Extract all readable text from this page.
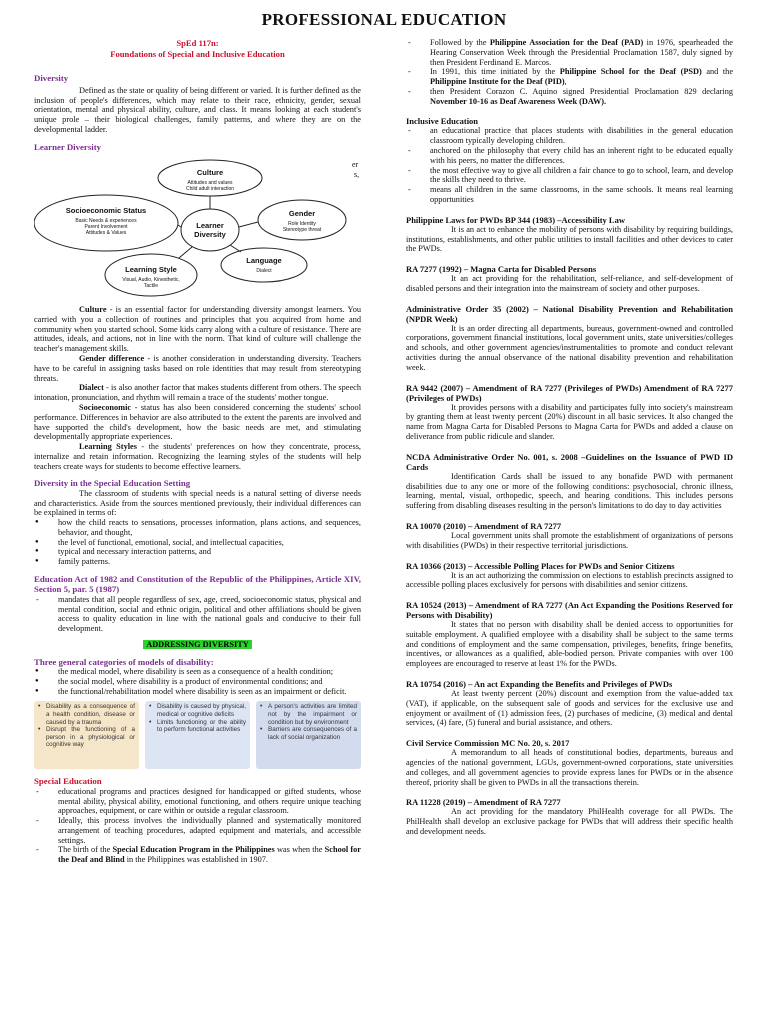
PROFESSIONAL EDUCATION
SpEd 117n:
Foundations of Special and Inclusive Education

Diversity

Defined as the state or quality of being different or varied. It is further defined as the inclusion of people's differences, which may relate to their race, ethnicity, gender, sexual orientation, mental and physical ability, culture, and class. It means looking at each student's unique prole – their biological challenges, family patterns, and where they are on the developmental ladder.

Learner Diversity

Culture
Attitudes and values Child adult interaction
Socioeconomic Status
Basic Needs & experiences Parent Involvement Attitudes & Values
Learner
Diversity
Gender
Role Identity Stereotype threat
Learning Style
Visual, Audio, Kinesthetic, Tactile
Language
Dialect
er
s,

Culture - is an essential factor for understanding diversity amongst learners. You carried with you a collection of routines and principles that you acquired from home and community when you started school. Some kids carry along with a culture of resistance. There are attitudes, ideals, and actions, not in line with the norm. That kind of culture will challenge the teacher's management skills.

Gender difference - is another consideration in understanding diversity. Teachers have to be careful in assigning tasks based on role identities that may result from stereotyping threats.

Dialect - is also another factor that makes students different from others. The speech intonation, pronunciation, and rhythm will remain a trace of the students' mother tongue.

Socioeconomic - status has also been considered concerning the students' school performance. Differences in behavior are also attributed to the extent the parents are involved and have supported the child's development, how the basic needs are met, and stimulating developmentally appropriate experiences.

Learning Styles - the students' preferences on how they concentrate, process, internalize and retain information. Recognizing the learning styles of the students will help teachers create ways for students to become effective learners.

Diversity in the Special Education Setting

The classroom of students with special needs is a natural setting of diverse needs and characteristics. Aside from the sources mentioned previously, their individual differences can be explained in terms of:

● how the child reacts to sensations, processes information, plans actions, and sequences, behavior, and thought,
● the level of functional, emotional, social, and intellectual capacities,
● typical and necessary interaction patterns, and
● family patterns.

Education Act of 1982 and Constitution of the Republic of the Philippines, Article XIV, Section 5, par. 5 (1987)

- mandates that all people regardless of sex, age, creed, socioeconomic status, physical and mental condition, social and ethnic origin, political and other affiliations should be given access to quality education in line with the national goals and conducive to their full development.
ADDRESSING DIVERSITY

Three general categories of models of disability:

● the medical model, where disability is seen as a consequence of a health condition;
● the social model, where disability is a product of environmental conditions; and
● the functional/rehabilitation model where disability is seen as an impairment or deficit.
• Disability as a consequence of a health condition, disease or caused by a trauma
• Disrupt the functioning of a person in a physiological or cognitive way
• Disability is caused by physical, medical or cognitive deficits
• Limits functioning or the ability to perform functional activities
• A person's activities are limited not by the impairment or condition but by environment
• Barriers are consequences of a lack of social organization

Special Education

- educational programs and practices designed for handicapped or gifted students, whose mental ability, physical ability, emotional functioning, and others require unique teaching approaches, equipment, or care within or outside a regular classroom.
- Ideally, this process involves the individually planned and systematically monitored arrangement of teaching procedures, adapted equipment and materials, and accessible settings.
- The birth of the Special Education Program in the Philippines was when the School for the Deaf and Blind in the Philippines was established in 1907.
- Followed by the Philippine Association for the Deaf (PAD) in 1976, spearheaded the Hearing Conservation Week through the Presidential Proclamation 1587, duly signed by then President Ferdinand E. Marcos.
- In 1991, this time initiated by the Philippine School for the Deaf (PSD) and the Philippine Institute for the Deaf (PID),
- then President Corazon C. Aquino signed Presidential Proclamation 829 declaring November 10-16 as Deaf Awareness Week (DAW).

Inclusive Education

- an educational practice that places students with disabilities in the general education classroom typically developing children.
- anchored on the philosophy that every child has an inherent right to be educated equally with his peers, no matter the differences.
- the most effective way to give all children a fair chance to go to school, learn, and develop the skills they need to thrive.
- means all children in the same classrooms, in the same schools. It means real learning opportunities

Philippine Laws for PWDs BP 344 (1983) –Accessibility Law

It is an act to enhance the mobility of persons with disability by requiring buildings, institutions, establishments, and other public utilities to install facilities and other devices to cater the PWDs.

RA 7277 (1992) – Magna Carta for Disabled Persons

It an act providing for the rehabilitation, self-reliance, and self-development of disabled persons and their integration into the mainstream of society and other purposes.

Administrative Order 35 (2002) – National Disability Prevention and Rehabilitation (NPDR Week)

It is an order directing all departments, bureaus, government-owned and controlled corporations, government financial institutions, local government units, state universities/colleges and schools, and other government agencies/instrumentalities to promote and conduct relevant activities during the annual observance of the national disability prevention and rehabilitation week.

RA 9442 (2007) – Amendment of RA 7277 (Privileges of PWDs) Amendment of RA 7277 (Privileges of PWDs)

It provides persons with a disability and participates fully into society's mainstream by granting them at least twenty percent (20%) discount in all basic services. It also changed the name from Magna Carta for Disabled Persons to Magna Carta for PWDs and added a clause on deliverance from public ridicule and slander.

NCDA Administrative Order No. 001, s. 2008 –Guidelines on the Issuance of PWD ID Cards

Identification Cards shall be issued to any bonafide PWD with permanent disabilities due to any one or more of the following conditions: psychosocial, chronic illness, learning, mental, visual, orthopedic, speech, and hearing conditions. This includes persons suffering from disabling diseases resulting in the person's limitations to do day to day activities

RA 10070 (2010) – Amendment of RA 7277

Local government units shall promote the establishment of organizations of persons with disabilities (PWDs) in their respective territorial jurisdictions.

RA 10366 (2013) – Accessible Polling Places for PWDs and Senior Citizens

It is an act authorizing the commission on elections to establish precincts assigned to accessible polling places exclusively for persons with disabilities and senior citizens.

RA 10524 (2013) – Amendment of RA 7277 (An Act Expanding the Positions Reserved for Persons with Disability)

It states that no person with disability shall be denied access to opportunities for suitable employment. A qualified employee with a disability shall be subject to the same terms and conditions of employment and the same compensation, privileges, benefits, fringe benefits, incentives, or allowances as a qualified, able-bodied person. Private companies with over 100 employees are encouraged to reserve at least 1% for the PWDs.

RA 10754 (2016) – An act Expanding the Benefits and Privileges of PWDs

At least twenty percent (20%) discount and exemption from the value-added tax (VAT), if applicable, on the subsequent sale of goods and services for the exclusive use and enjoyment or availment of (1) admission fees, (2) purchases of medicine, (3) medical and dental services, (4) fare, (5) funeral and burial assistance, and others.

Civil Service Commission MC No. 20, s. 2017

A memorandum to all heads of constitutional bodies, departments, bureaus and agencies of the national government, LGUs, government-owned corporations, state universities and colleges, and all government agencies to provide express lanes for PWDs or in the absence thereof, priority shall be given to PWDs in all the transactions therein.

RA 11228 (2019) – Amendment of RA 7277

An act providing for the mandatory PhilHealth coverage for all PWDs. The PhilHealth shall develop an exclusive package for PWDs that will address their specific health and development needs.
